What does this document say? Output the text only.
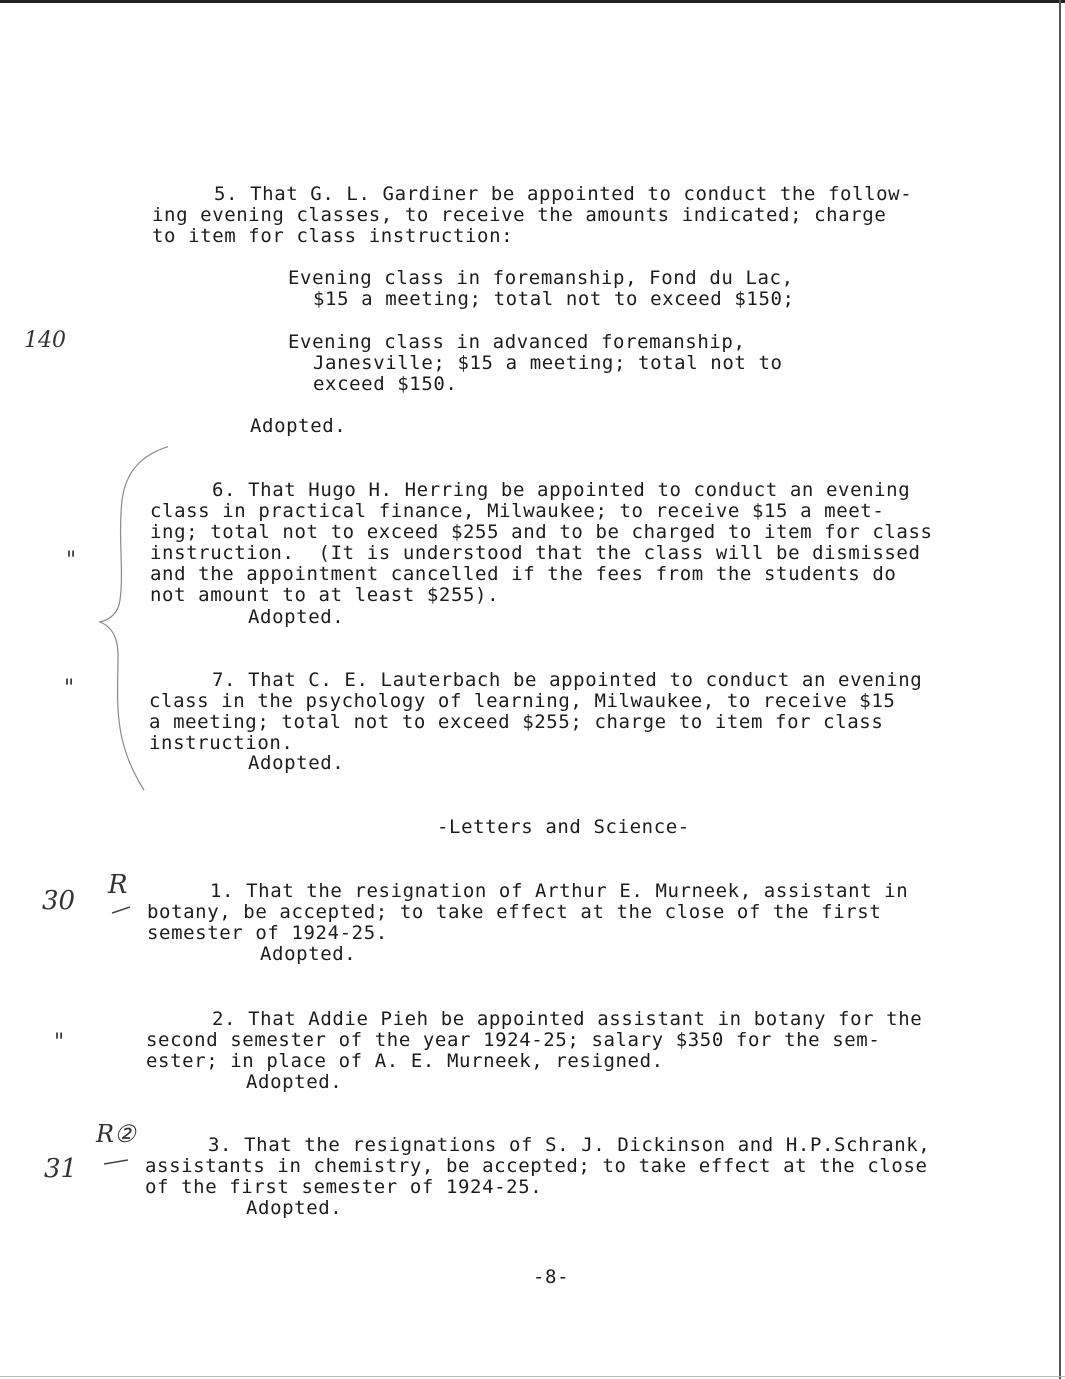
5. That G. L. Gardiner be appointed to conduct the follow-
ing evening classes, to receive the amounts indicated; charge
to item for class instruction:
Evening class in foremanship, Fond du Lac,
$15 a meeting; total not to exceed $150;
Evening class in advanced foremanship,
Janesville; $15 a meeting; total not to
exceed $150.
Adopted.
6. That Hugo H. Herring be appointed to conduct an evening
class in practical finance, Milwaukee; to receive $15 a meet-
ing; total not to exceed $255 and to be charged to item for class
instruction.  (It is understood that the class will be dismissed
and the appointment cancelled if the fees from the students do
not amount to at least $255).
Adopted.
7. That C. E. Lauterbach be appointed to conduct an evening
class in the psychology of learning, Milwaukee, to receive $15
a meeting; total not to exceed $255; charge to item for class
instruction.
Adopted.
-Letters and Science-
1. That the resignation of Arthur E. Murneek, assistant in
botany, be accepted; to take effect at the close of the first
semester of 1924-25.
Adopted.
2. That Addie Pieh be appointed assistant in botany for the
second semester of the year 1924-25; salary $350 for the sem-
ester; in place of A. E. Murneek, resigned.
Adopted.
3. That the resignations of S. J. Dickinson and H.P.Schrank,
assistants in chemistry, be accepted; to take effect at the close
of the first semester of 1924-25.
Adopted.
-8-
140
"
"
30
R
"
31
R②
